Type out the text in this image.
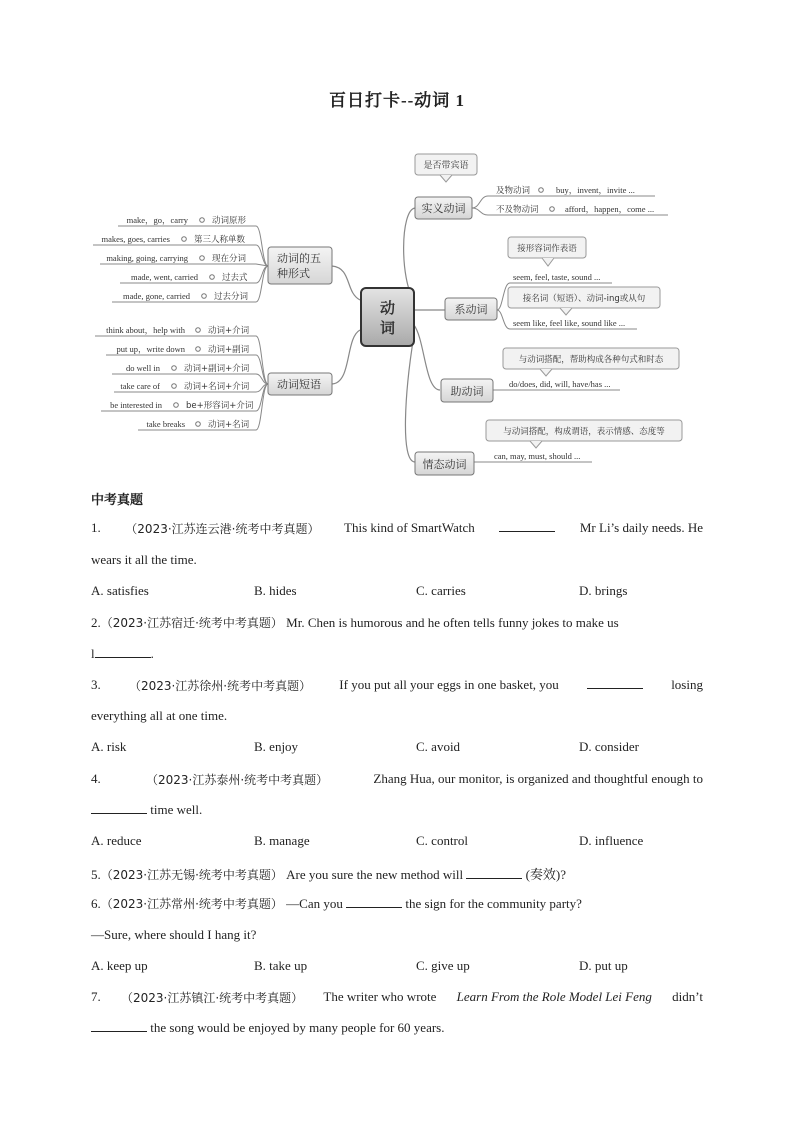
百日打卡--动词 1
动
词
动词的五
种形式
动词短语
make，go，carry	动词原形
makes, goes, carries	第三人称单数
making, going, carrying	现在分词
made, went, carried	过去式
made, gone, carried	过去分词
think about，help with	动词+介词
put up，write down	动词+副词
do well in	动词+副词+介词
take care of	动词+名词+介词
be interested in	be+形容词+介词
take breaks	动词+名词
是否带宾语
实义动词
及物动词	buy，invent，invite ...
不及物动词	afford，happen，come ...
接形容词作表语
seem, feel, taste, sound ...
接名词（短语）、动词-ing或从句
seem like, feel like, sound like ...
系动词
与动词搭配，帮助构成各种句式和时态
do/does, did, will, have/has ...
助动词
与动词搭配，构成谓语，表示情感、态度等
can, may, must, should ...
情态动词
中考真题
1. （2023·江苏连云港·统考中考真题） This kind of SmartWatch	Mr Li’s daily needs. He
wears it all the time.
A. satisfies	B. hides	C. carries	D. brings
2.（2023·江苏宿迁·统考中考真题） Mr. Chen is humorous and he often tells funny jokes to make us
l	.
3. （2023·江苏徐州·统考中考真题） If you put all your eggs in one basket, you	losing
everything all at one time.
A. risk	B. enjoy	C. avoid	D. consider
4.	（2023·江苏泰州·统考中考真题）	Zhang Hua, our monitor, is organized and thoughtful enough to
time well.
A. reduce	B. manage	C. control	D. influence
5.（2023·江苏无锡·统考中考真题） Are you sure the new method will	(奏效)?
6.（2023·江苏常州·统考中考真题） —Can you	the sign for the community party?
—Sure, where should I hang it?
A. keep up	B. take up	C. give up	D. put up
7. （2023·江苏镇江·统考中考真题） The writer who wrote Learn From the Role Model Lei Feng didn’t
the song would be enjoyed by many people for 60 years.
